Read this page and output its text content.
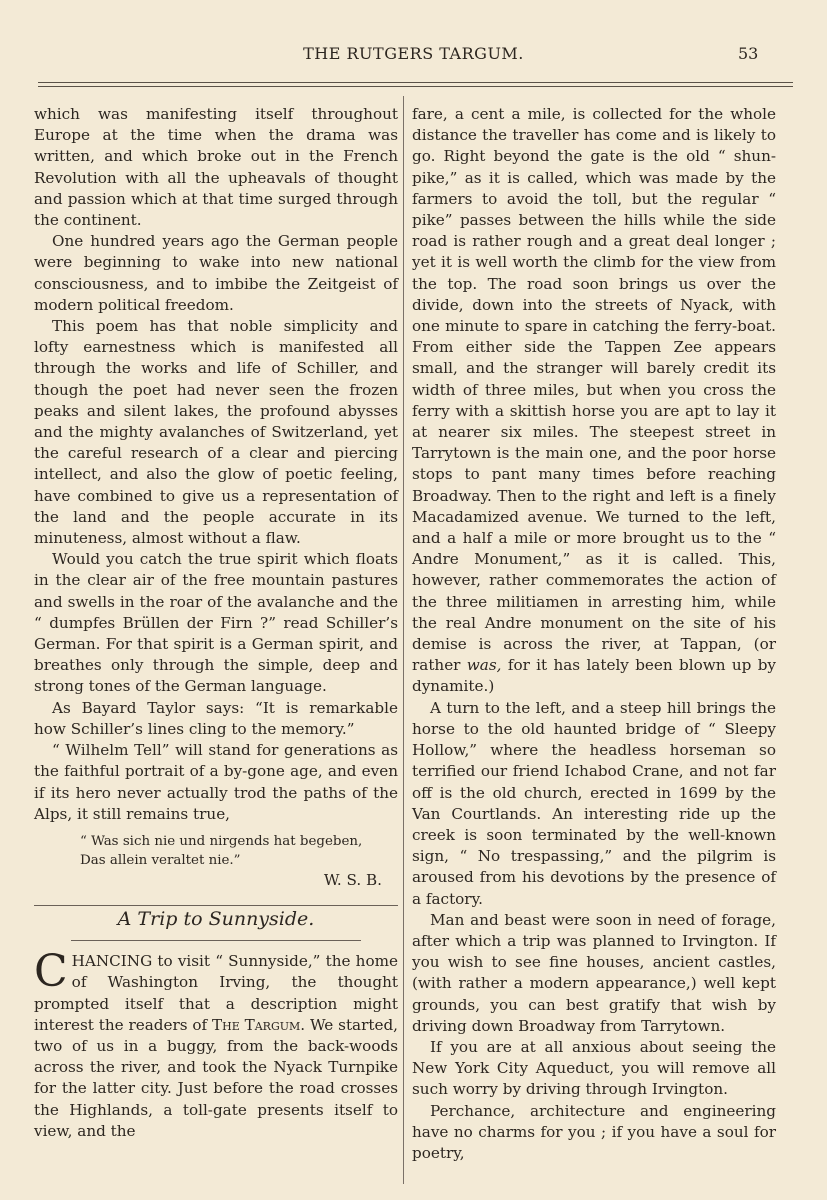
THE RUTGERS TARGUM.	53

which was manifesting itself throughout Europe at the time when the drama was written, and which broke out in the French Revolution with all the upheavals of thought and passion which at that time surged through the continent.

One hundred years ago the German people were beginning to wake into new national consciousness, and to imbibe the Zeitgeist of modern political freedom.

This poem has that noble simplicity and lofty earnestness which is manifested all through the works and life of Schiller, and though the poet had never seen the frozen peaks and silent lakes, the profound abysses and the mighty avalanches of Switzerland, yet the careful research of a clear and piercing intellect, and also the glow of poetic feeling, have combined to give us a representation of the land and the people accurate in its minuteness, almost without a flaw.

Would you catch the true spirit which floats in the clear air of the free mountain pastures and swells in the roar of the avalanche and the “ dumpfes Brüllen der Firn ?” read Schiller’s German. For that spirit is a German spirit, and breathes only through the simple, deep and strong tones of the German language.

As Bayard Taylor says: “It is remarkable how Schiller’s lines cling to the memory.”

“ Wilhelm Tell” will stand for generations as the faithful portrait of a by-gone age, and even if its hero never actually trod the paths of the Alps, it still remains true,

“ Was sich nie und nirgends hat begeben,
Das allein veraltet nie.”

W. S. B.

A Trip to Sunnyside.

CHANCING to visit “ Sunnyside,” the home of Washington Irving, the thought prompted itself that a description might interest the readers of The Targum. We started, two of us in a buggy, from the back-woods across the river, and took the Nyack Turnpike for the latter city. Just before the road crosses the Highlands, a toll-gate presents itself to view, and the

fare, a cent a mile, is collected for the whole distance the traveller has come and is likely to go. Right beyond the gate is the old “ shun-pike,” as it is called, which was made by the farmers to avoid the toll, but the regular “ pike” passes between the hills while the side road is rather rough and a great deal longer ; yet it is well worth the climb for the view from the top. The road soon brings us over the divide, down into the streets of Nyack, with one minute to spare in catching the ferry-boat. From either side the Tappen Zee appears small, and the stranger will barely credit its width of three miles, but when you cross the ferry with a skittish horse you are apt to lay it at nearer six miles. The steepest street in Tarrytown is the main one, and the poor horse stops to pant many times before reaching Broadway. Then to the right and left is a finely Macadamized avenue. We turned to the left, and a half a mile or more brought us to the “ Andre Monument,” as it is called. This, however, rather commemorates the action of the three militiamen in arresting him, while the real Andre monument on the site of his demise is across the river, at Tappan, (or rather was, for it has lately been blown up by dynamite.)

A turn to the left, and a steep hill brings the horse to the old haunted bridge of “ Sleepy Hollow,” where the headless horseman so terrified our friend Ichabod Crane, and not far off is the old church, erected in 1699 by the Van Courtlands. An interesting ride up the creek is soon terminated by the well-known sign, “ No trespassing,” and the pilgrim is aroused from his devotions by the presence of a factory.

Man and beast were soon in need of forage, after which a trip was planned to Irvington. If you wish to see fine houses, ancient castles, (with rather a modern appearance,) well kept grounds, you can best gratify that wish by driving down Broadway from Tarrytown.

If you are at all anxious about seeing the New York City Aqueduct, you will remove all such worry by driving through Irvington.

Perchance, architecture and engineering have no charms for you ; if you have a soul for poetry,
